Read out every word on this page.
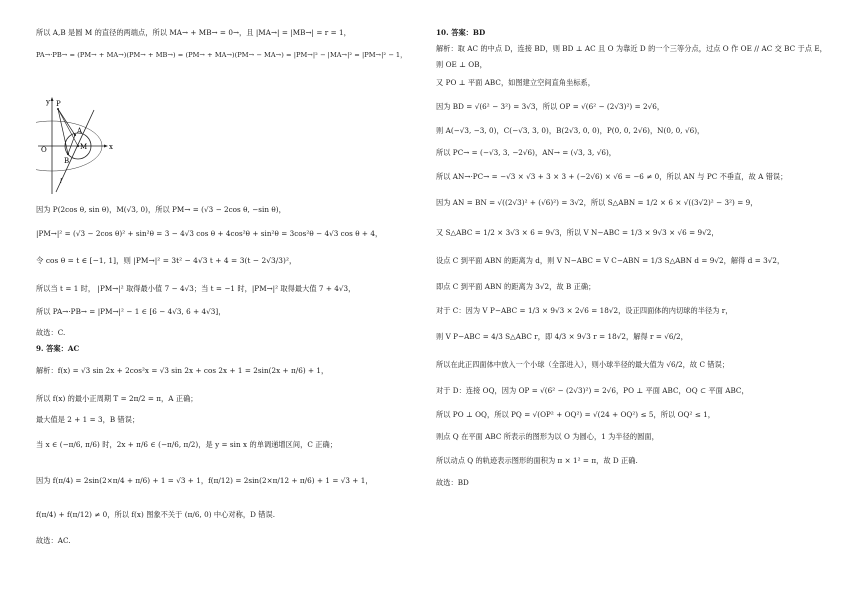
所以 A,B 是圆 M 的直径的两端点，所以 MA→ + MB→ = 0→，且 |MA→| = |MB→| = r = 1，
PA→·PB→ = (PM→ + MA→)(PM→ + MB→) = (PM→ + MA→)(PM→ − MA→) = |PM→|² − |MA→|² = |PM→|² − 1，
y
x
O
P
A
M
B
l
因为 P(2cos θ, sin θ)，M(√3, 0)，所以 PM→ = (√3 − 2cos θ, −sin θ)，
|PM→|² = (√3 − 2cos θ)² + sin²θ = 3 − 4√3 cos θ + 4cos²θ + sin²θ = 3cos²θ − 4√3 cos θ + 4，
令 cos θ = t ∈ [−1, 1]，则 |PM→|² = 3t² − 4√3 t + 4 = 3(t − 2√3/3)²，
所以当 t = 1 时， |PM→|² 取得最小值 7 − 4√3；当 t = −1 时，|PM→|² 取得最大值 7 + 4√3，
所以 PA→·PB→ = |PM→|² − 1 ∈ [6 − 4√3, 6 + 4√3]，
故选：C.
9. 答案：AC
解析：f(x) = √3 sin 2x + 2cos²x = √3 sin 2x + cos 2x + 1 = 2sin(2x + π/6) + 1，
所以 f(x) 的最小正周期 T = 2π/2 = π，A 正确；
最大值是 2 + 1 = 3，B 错误；
当 x ∈ (−π/6, π/6) 时，2x + π/6 ∈ (−π/6, π/2)，是 y = sin x 的单调递增区间，C 正确；
因为 f(π/4) = 2sin(2×π/4 + π/6) + 1 = √3 + 1，f(π/12) = 2sin(2×π/12 + π/6) + 1 = √3 + 1，
f(π/4) + f(π/12) ≠ 0，所以 f(x) 图象不关于 (π/6, 0) 中心对称，D 错误.
故选：AC.
10. 答案：BD
解析：取 AC 的中点 D，连接 BD，则 BD ⊥ AC 且 O 为靠近 D 的一个三等分点，过点 O 作 OE // AC 交 BC 于点 E，
则 OE ⊥ OB，
又 PO ⊥ 平面 ABC，如图建立空间直角坐标系，
因为 BD = √(6² − 3²) = 3√3，所以 OP = √(6² − (2√3)²) = 2√6，
则 A(−√3, −3, 0)，C(−√3, 3, 0)，B(2√3, 0, 0)，P(0, 0, 2√6)，N(0, 0, √6)，
所以 PC→ = (−√3, 3, −2√6)，AN→ = (√3, 3, √6)，
所以 AN→·PC→ = −√3 × √3 + 3 × 3 + (−2√6) × √6 = −6 ≠ 0，所以 AN 与 PC 不垂直，故 A 错误；
因为 AN = BN = √((2√3)² + (√6)²) = 3√2，所以 S△ABN = 1/2 × 6 × √((3√2)² − 3²) = 9，
又 S△ABC = 1/2 × 3√3 × 6 = 9√3，所以 V N−ABC = 1/3 × 9√3 × √6 = 9√2，
设点 C 到平面 ABN 的距离为 d，则 V N−ABC = V C−ABN = 1/3 S△ABN d = 9√2，解得 d = 3√2，
即点 C 到平面 ABN 的距离为 3√2，故 B 正确；
对于 C：因为 V P−ABC = 1/3 × 9√3 × 2√6 = 18√2，设正四面体的内切球的半径为 r，
则 V P−ABC = 4/3 S△ABC r，即 4/3 × 9√3 r = 18√2，解得 r = √6/2，
所以在此正四面体中放入一个小球（全部进入），则小球半径的最大值为 √6/2，故 C 错误；
对于 D：连接 OQ，因为 OP = √(6² − (2√3)²) = 2√6，PO ⊥ 平面 ABC，OQ ⊂ 平面 ABC，
所以 PO ⊥ OQ，所以 PQ = √(OP² + OQ²) = √(24 + OQ²) ≤ 5，所以 OQ² ≤ 1，
则点 Q 在平面 ABC 所表示的图形为以 O 为圆心，1 为半径的圆面，
所以动点 Q 的轨迹表示图形的面积为 π × 1² = π，故 D 正确.
故选：BD
